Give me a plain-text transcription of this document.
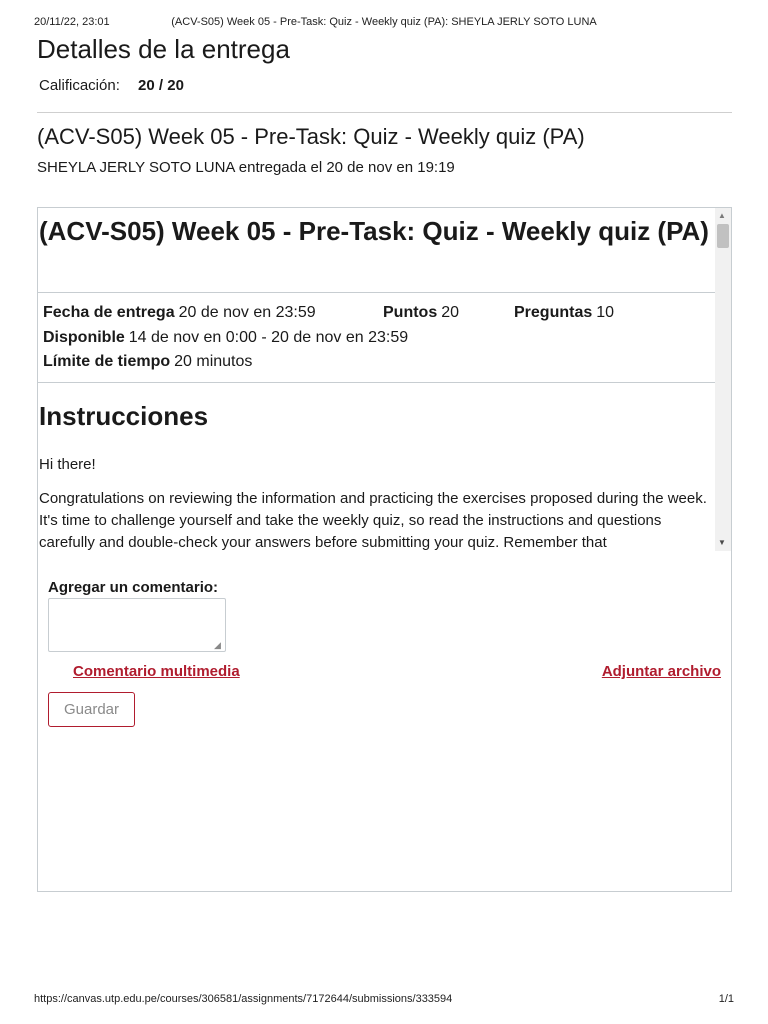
20/11/22, 23:01	(ACV-S05) Week 05 - Pre-Task: Quiz - Weekly quiz (PA): SHEYLA JERLY SOTO LUNA
Detalles de la entrega
Calificación: 20 / 20
(ACV-S05) Week 05 - Pre-Task: Quiz - Weekly quiz (PA)
SHEYLA JERLY SOTO LUNA entregada el 20 de nov en 19:19
(ACV-S05) Week 05 - Pre-Task: Quiz - Weekly quiz (PA)
Fecha de entrega 20 de nov en 23:59	Puntos 20	Preguntas 10
Disponible 14 de nov en 0:00 - 20 de nov en 23:59
Límite de tiempo 20 minutos
Instrucciones

Hi there!

Congratulations on reviewing the information and practicing the exercises proposed during the week. It's time to challenge yourself and take the weekly quiz, so read the instructions and questions carefully and double-check your answers before submitting your quiz. Remember that

▲
▼
Agregar un comentario:
◢
Comentario multimedia	Adjuntar archivo
Guardar
https://canvas.utp.edu.pe/courses/306581/assignments/7172644/submissions/333594	1/1
